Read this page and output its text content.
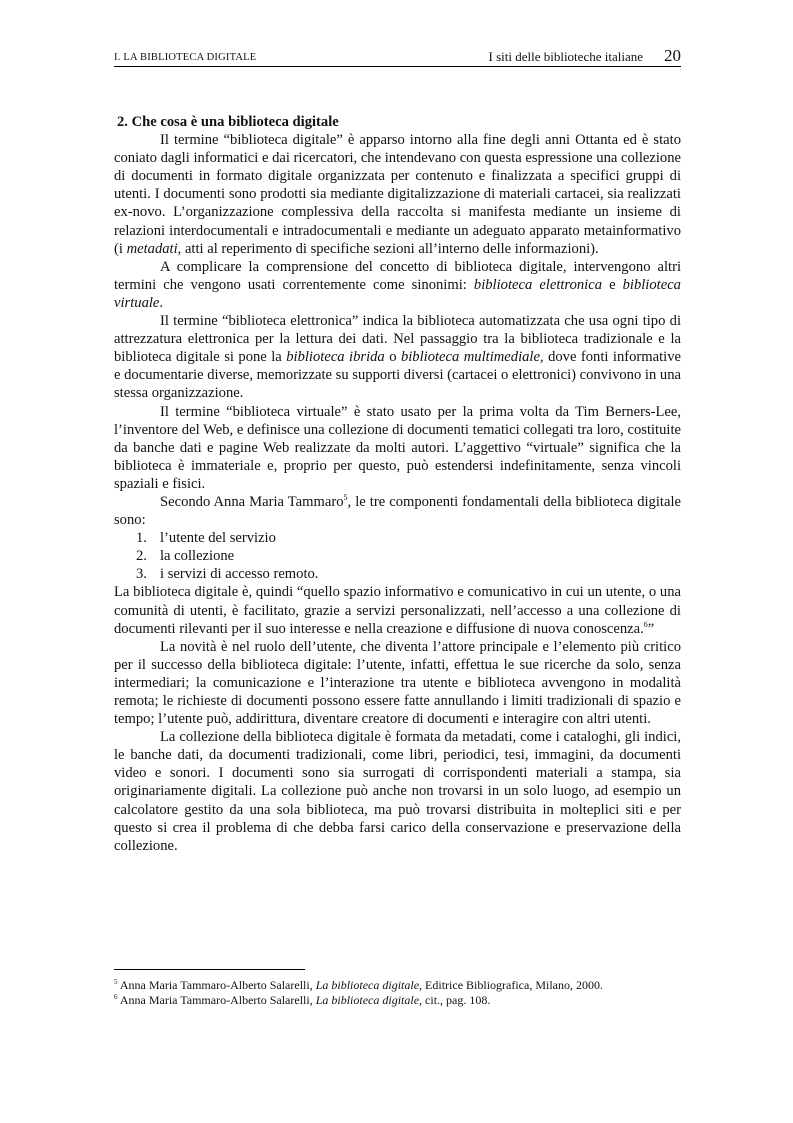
I. LA BIBLIOTECA DIGITALE	I siti delle biblioteche italiane 20

2. Che cosa è una biblioteca digitale

Il termine “biblioteca digitale” è apparso intorno alla fine degli anni Ottanta ed è stato coniato dagli informatici e dai ricercatori, che intendevano con questa espressione una collezione di documenti in formato digitale organizzata per contenuto e finalizzata a specifici gruppi di utenti. I documenti sono prodotti sia mediante digitalizzazione di materiali cartacei, sia realizzati ex-novo. L’organizzazione complessiva della raccolta si manifesta mediante un insieme di relazioni interdocumentali e intradocumentali e mediante un adeguato apparato metainformativo (i metadati, atti al reperimento di specifiche sezioni all’interno delle informazioni).

A complicare la comprensione del concetto di biblioteca digitale, intervengono altri termini che vengono usati correntemente come sinonimi: biblioteca elettronica e biblioteca virtuale.

Il termine “biblioteca elettronica” indica la biblioteca automatizzata che usa ogni tipo di attrezzatura elettronica per la lettura dei dati. Nel passaggio tra la biblioteca tradizionale e la biblioteca digitale si pone la biblioteca ibrida o biblioteca multimediale, dove fonti informative e documentarie diverse, memorizzate su supporti diversi (cartacei o elettronici) convivono in una stessa organizzazione.

Il termine “biblioteca virtuale” è stato usato per la prima volta da Tim Berners-Lee, l’inventore del Web, e definisce una collezione di documenti tematici collegati tra loro, costituite da banche dati e pagine Web realizzate da molti autori. L’aggettivo “virtuale” significa che la biblioteca è immateriale e, proprio per questo, può estendersi indefinitamente, senza vincoli spaziali e fisici.

Secondo Anna Maria Tammaro$^5$, le tre componenti fondamentali della biblioteca digitale sono:

1. l’utente del servizio
2. la collezione
3. i servizi di accesso remoto.

La biblioteca digitale è, quindi “quello spazio informativo e comunicativo in cui un utente, o una comunità di utenti, è facilitato, grazie a servizi personalizzati, nell’accesso a una collezione di documenti rilevanti per il suo interesse e nella creazione e diffusione di nuova conoscenza.$^6$”

La novità è nel ruolo dell’utente, che diventa l’attore principale e l’elemento più critico per il successo della biblioteca digitale: l’utente, infatti, effettua le sue ricerche da solo, senza intermediari; la comunicazione e l’interazione tra utente e biblioteca avvengono in modalità remota; le richieste di documenti possono essere fatte annullando i limiti tradizionali di spazio e tempo; l’utente può, addirittura, diventare creatore di documenti e interagire con altri utenti.

La collezione della biblioteca digitale è formata da metadati, come i cataloghi, gli indici, le banche dati, da documenti tradizionali, come libri, periodici, tesi, immagini, da documenti video e sonori. I documenti sono sia surrogati di corrispondenti materiali a stampa, sia originariamente digitali. La collezione può anche non trovarsi in un solo luogo, ad esempio un calcolatore gestito da una sola biblioteca, ma può trovarsi distribuita in molteplici siti e per questo si crea il problema di che debba farsi carico della conservazione e preservazione della collezione.

$^5$ Anna Maria Tammaro-Alberto Salarelli, La biblioteca digitale, Editrice Bibliografica, Milano, 2000.
$^6$ Anna Maria Tammaro-Alberto Salarelli, La biblioteca digitale, cit., pag. 108.
